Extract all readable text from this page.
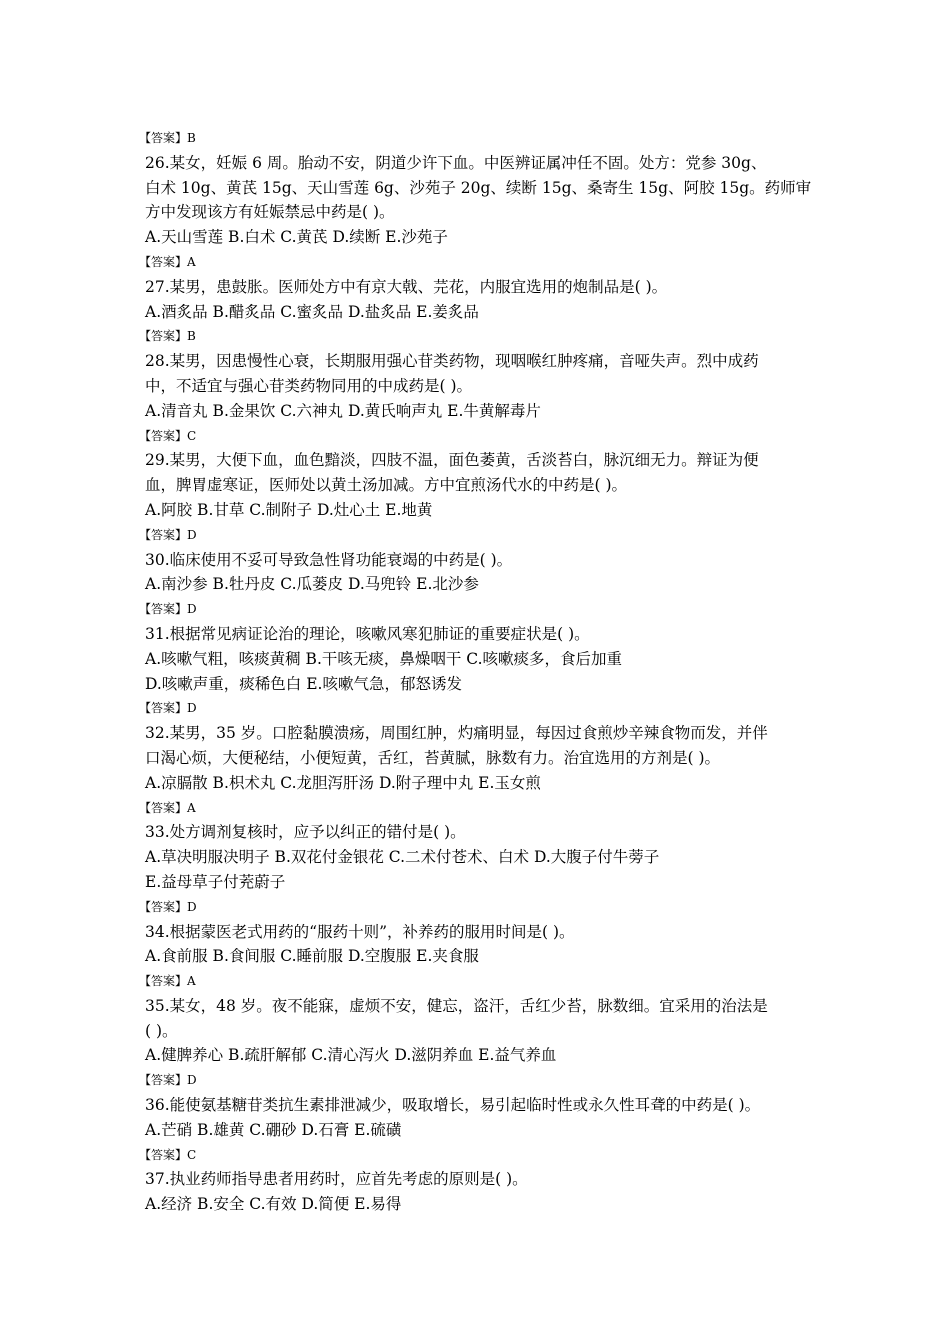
【答案】B
26.某女，妊娠 6 周。胎动不安，阴道少许下血。中医辨证属冲任不固。处方：党参 30g、
白术 10g、黄芪 15g、天山雪莲 6g、沙苑子 20g、续断 15g、桑寄生 15g、阿胶 15g。药师审
方中发现该方有妊娠禁忌中药是( )。
A.天山雪莲 B.白术 C.黄芪 D.续断 E.沙苑子
【答案】A
27.某男，患鼓胀。医师处方中有京大戟、芫花，内服宜选用的炮制品是( )。
A.酒炙品 B.醋炙品 C.蜜炙品 D.盐炙品 E.姜炙品
【答案】B
28.某男，因患慢性心衰，长期服用强心苷类药物，现咽喉红肿疼痛，音哑失声。烈中成药
中，不适宜与强心苷类药物同用的中成药是( )。
A.清音丸 B.金果饮 C.六神丸 D.黄氏响声丸 E.牛黄解毒片
【答案】C
29.某男，大便下血，血色黯淡，四肢不温，面色萎黄，舌淡苔白，脉沉细无力。辩证为便
血，脾胃虚寒证，医师处以黄土汤加减。方中宜煎汤代水的中药是( )。
A.阿胶 B.甘草 C.制附子 D.灶心土 E.地黄
【答案】D
30.临床使用不妥可导致急性肾功能衰竭的中药是( )。
A.南沙参 B.牡丹皮 C.瓜蒌皮 D.马兜铃 E.北沙参
【答案】D
31.根据常见病证论治的理论，咳嗽风寒犯肺证的重要症状是( )。
A.咳嗽气粗，咳痰黄稠 B.干咳无痰，鼻燥咽干 C.咳嗽痰多，食后加重
D.咳嗽声重，痰稀色白 E.咳嗽气急，郁怒诱发
【答案】D
32.某男，35 岁。口腔黏膜溃疡，周围红肿，灼痛明显，每因过食煎炒辛辣食物而发，并伴
口渴心烦，大便秘结，小便短黄，舌红，苔黄腻，脉数有力。治宜选用的方剂是( )。
A.凉膈散 B.枳术丸 C.龙胆泻肝汤 D.附子理中丸 E.玉女煎
【答案】A
33.处方调剂复核时，应予以纠正的错付是( )。
A.草决明服决明子 B.双花付金银花 C.二术付苍术、白术 D.大腹子付牛蒡子
E.益母草子付茺蔚子
【答案】D
34.根据蒙医老式用药的“服药十则”，补养药的服用时间是( )。
A.食前服 B.食间服 C.睡前服 D.空腹服 E.夹食服
【答案】A
35.某女，48 岁。夜不能寐，虚烦不安，健忘，盗汗，舌红少苔，脉数细。宜采用的治法是
( )。
A.健脾养心 B.疏肝解郁 C.清心泻火 D.滋阴养血 E.益气养血
【答案】D
36.能使氨基糖苷类抗生素排泄减少，吸取增长，易引起临时性或永久性耳聋的中药是( )。
A.芒硝 B.雄黄 C.硼砂 D.石膏 E.硫磺
【答案】C
37.执业药师指导患者用药时，应首先考虑的原则是( )。
A.经济 B.安全 C.有效 D.简便 E.易得
